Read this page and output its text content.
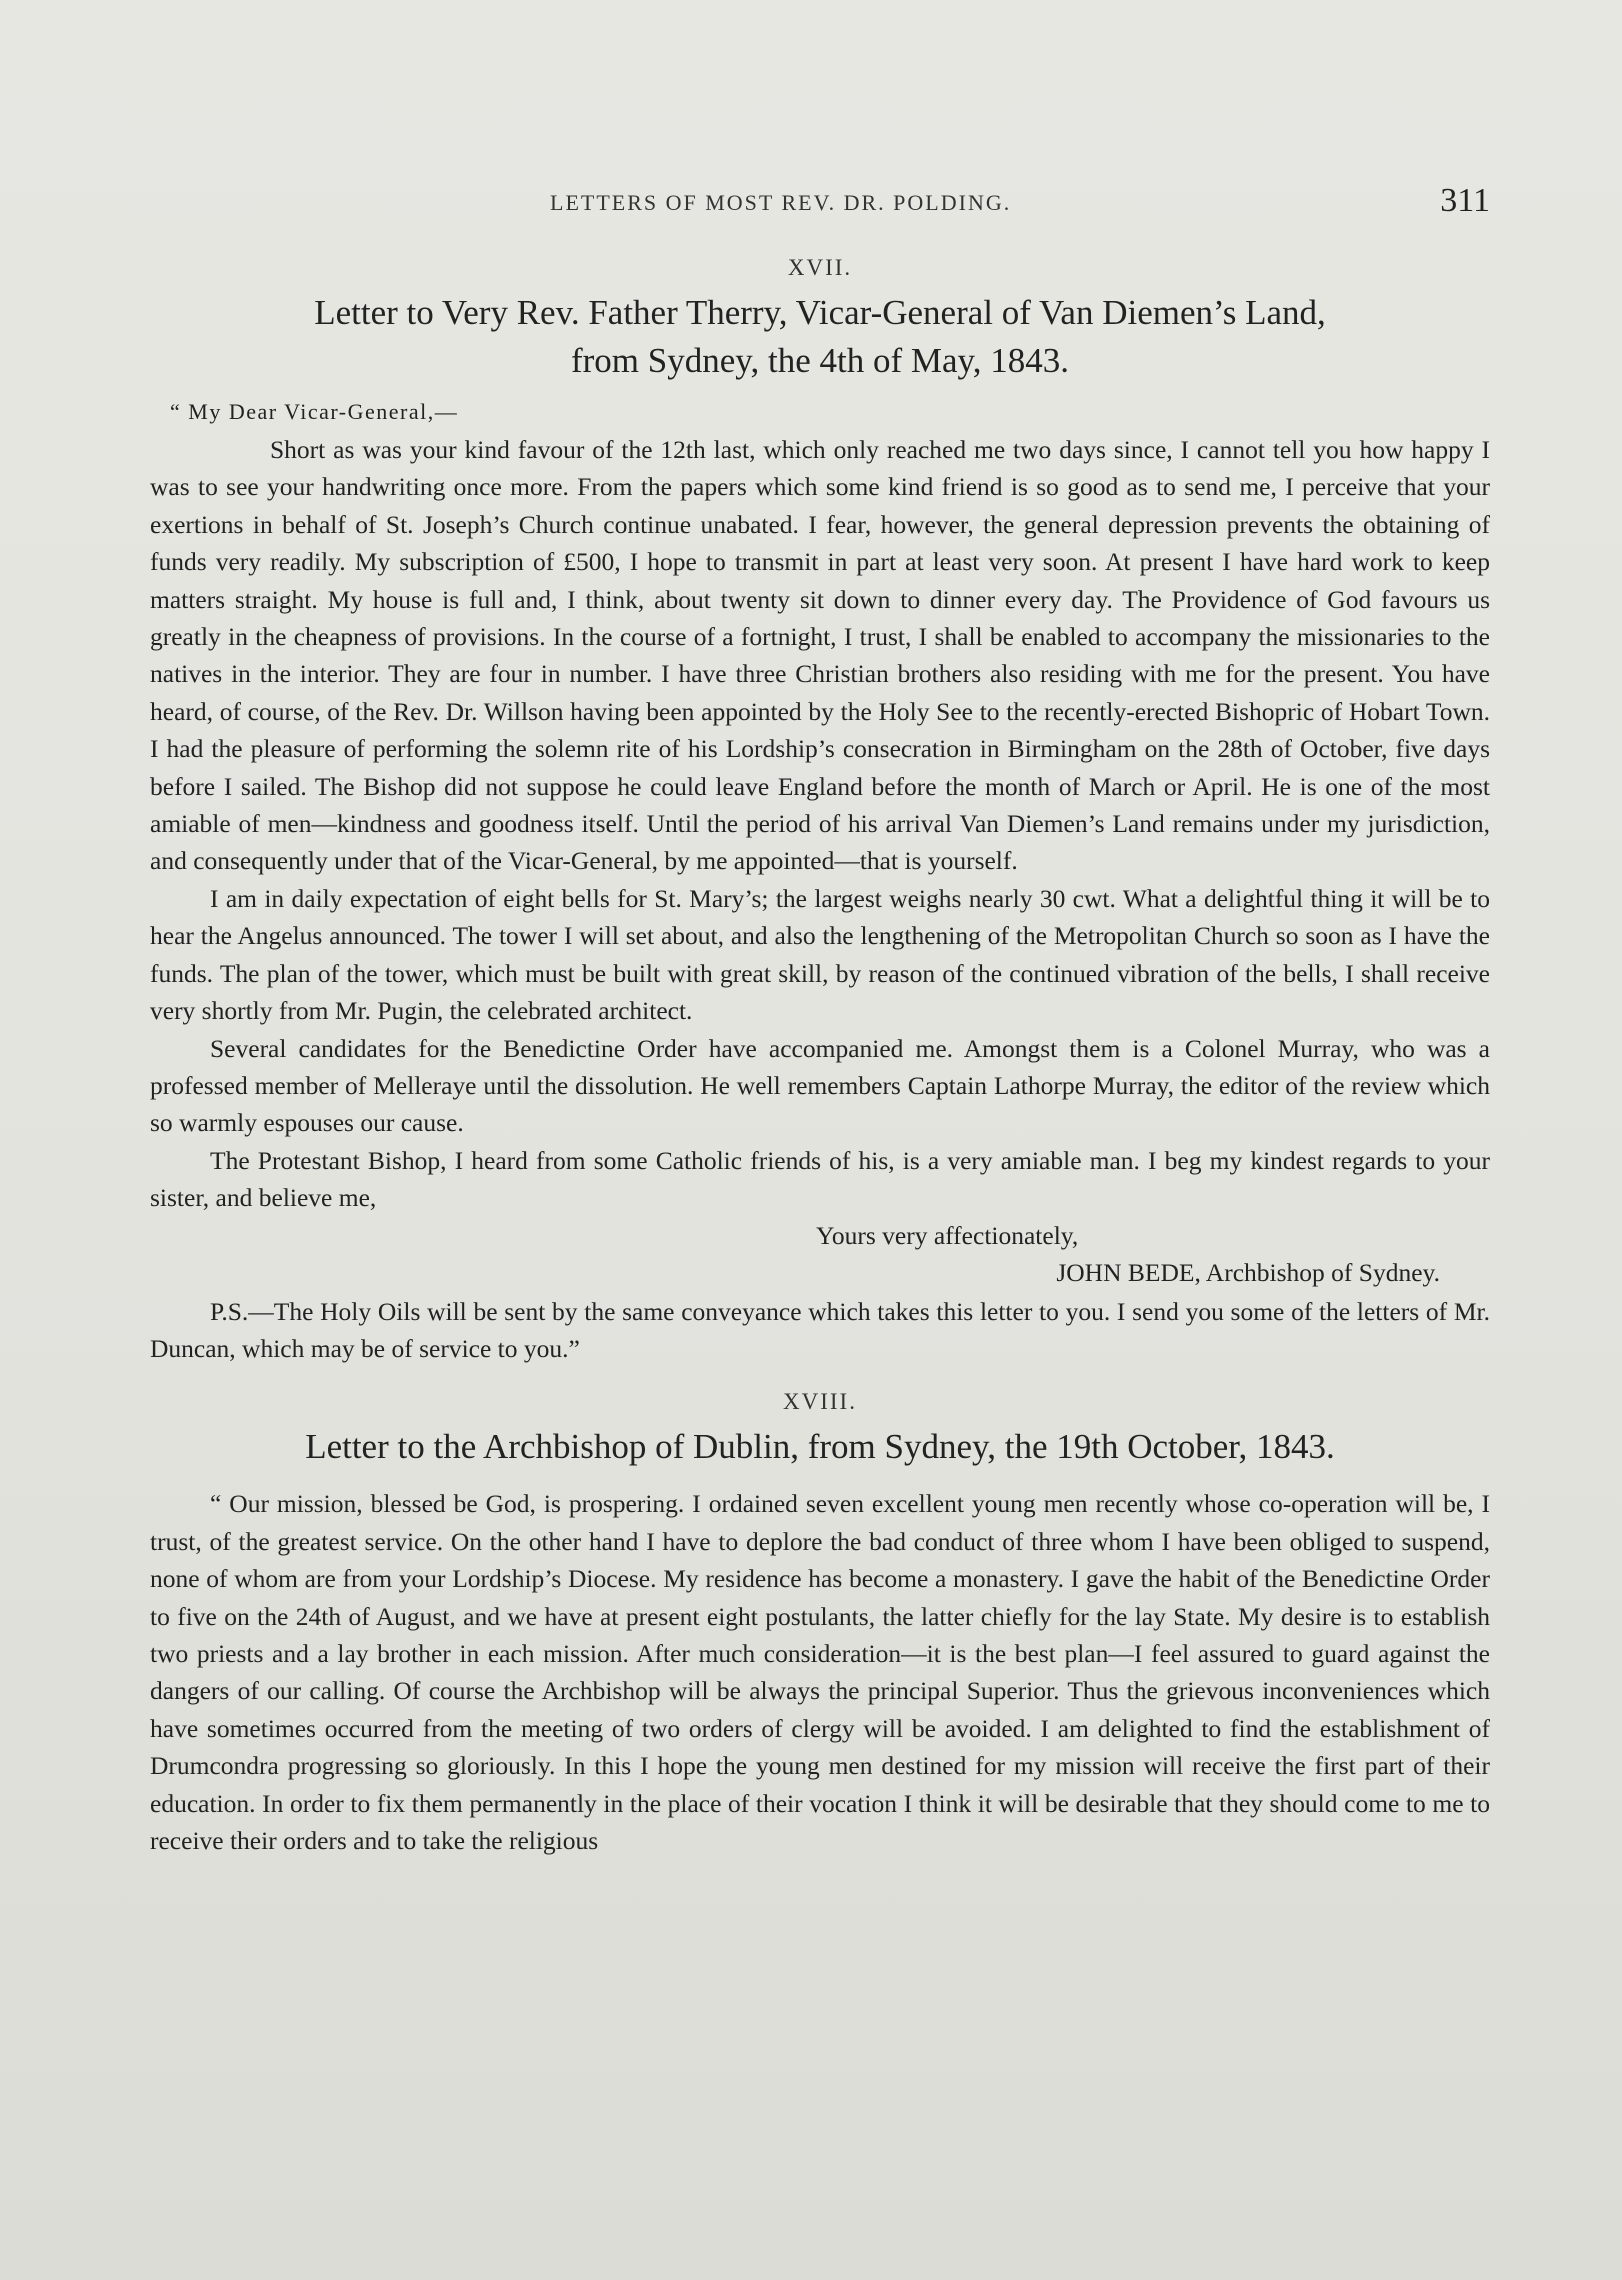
LETTERS OF MOST REV. DR. POLDING.	311
XVII.
Letter to Very Rev. Father Therry, Vicar-General of Van Diemen’s Land,
from Sydney, the 4th of May, 1843.
“ My Dear Vicar-General,—

Short as was your kind favour of the 12th last, which only reached me two days since, I cannot tell you how happy I was to see your handwriting once more. From the papers which some kind friend is so good as to send me, I perceive that your exertions in behalf of St. Joseph’s Church continue unabated. I fear, however, the general depression prevents the obtaining of funds very readily. My subscription of £500, I hope to transmit in part at least very soon. At present I have hard work to keep matters straight. My house is full and, I think, about twenty sit down to dinner every day. The Providence of God favours us greatly in the cheapness of provisions. In the course of a fortnight, I trust, I shall be enabled to accompany the missionaries to the natives in the interior. They are four in number. I have three Christian brothers also residing with me for the present. You have heard, of course, of the Rev. Dr. Willson having been appointed by the Holy See to the recently-erected Bishopric of Hobart Town. I had the pleasure of performing the solemn rite of his Lordship’s consecration in Birmingham on the 28th of October, five days before I sailed. The Bishop did not suppose he could leave England before the month of March or April. He is one of the most amiable of men—kindness and goodness itself. Until the period of his arrival Van Diemen’s Land remains under my jurisdiction, and consequently under that of the Vicar-General, by me appointed—that is yourself.

I am in daily expectation of eight bells for St. Mary’s; the largest weighs nearly 30 cwt. What a delightful thing it will be to hear the Angelus announced. The tower I will set about, and also the lengthening of the Metropolitan Church so soon as I have the funds. The plan of the tower, which must be built with great skill, by reason of the continued vibration of the bells, I shall receive very shortly from Mr. Pugin, the celebrated architect.

Several candidates for the Benedictine Order have accompanied me. Amongst them is a Colonel Murray, who was a professed member of Melleraye until the dissolution. He well remembers Captain Lathorpe Murray, the editor of the review which so warmly espouses our cause.

The Protestant Bishop, I heard from some Catholic friends of his, is a very amiable man. I beg my kindest regards to your sister, and believe me,

Yours very affectionately,
JOHN BEDE, Archbishop of Sydney.

P.S.—The Holy Oils will be sent by the same conveyance which takes this letter to you. I send you some of the letters of Mr. Duncan, which may be of service to you.”

XVIII.
Letter to the Archbishop of Dublin, from Sydney, the 19th October, 1843.

“ Our mission, blessed be God, is prospering. I ordained seven excellent young men recently whose co-operation will be, I trust, of the greatest service. On the other hand I have to deplore the bad conduct of three whom I have been obliged to suspend, none of whom are from your Lordship’s Diocese. My residence has become a monastery. I gave the habit of the Benedictine Order to five on the 24th of August, and we have at present eight postulants, the latter chiefly for the lay State. My desire is to establish two priests and a lay brother in each mission. After much consideration—it is the best plan—I feel assured to guard against the dangers of our calling. Of course the Archbishop will be always the principal Superior. Thus the grievous inconveniences which have sometimes occurred from the meeting of two orders of clergy will be avoided. I am delighted to find the establishment of Drumcondra progressing so gloriously. In this I hope the young men destined for my mission will receive the first part of their education. In order to fix them permanently in the place of their vocation I think it will be desirable that they should come to me to receive their orders and to take the religious
